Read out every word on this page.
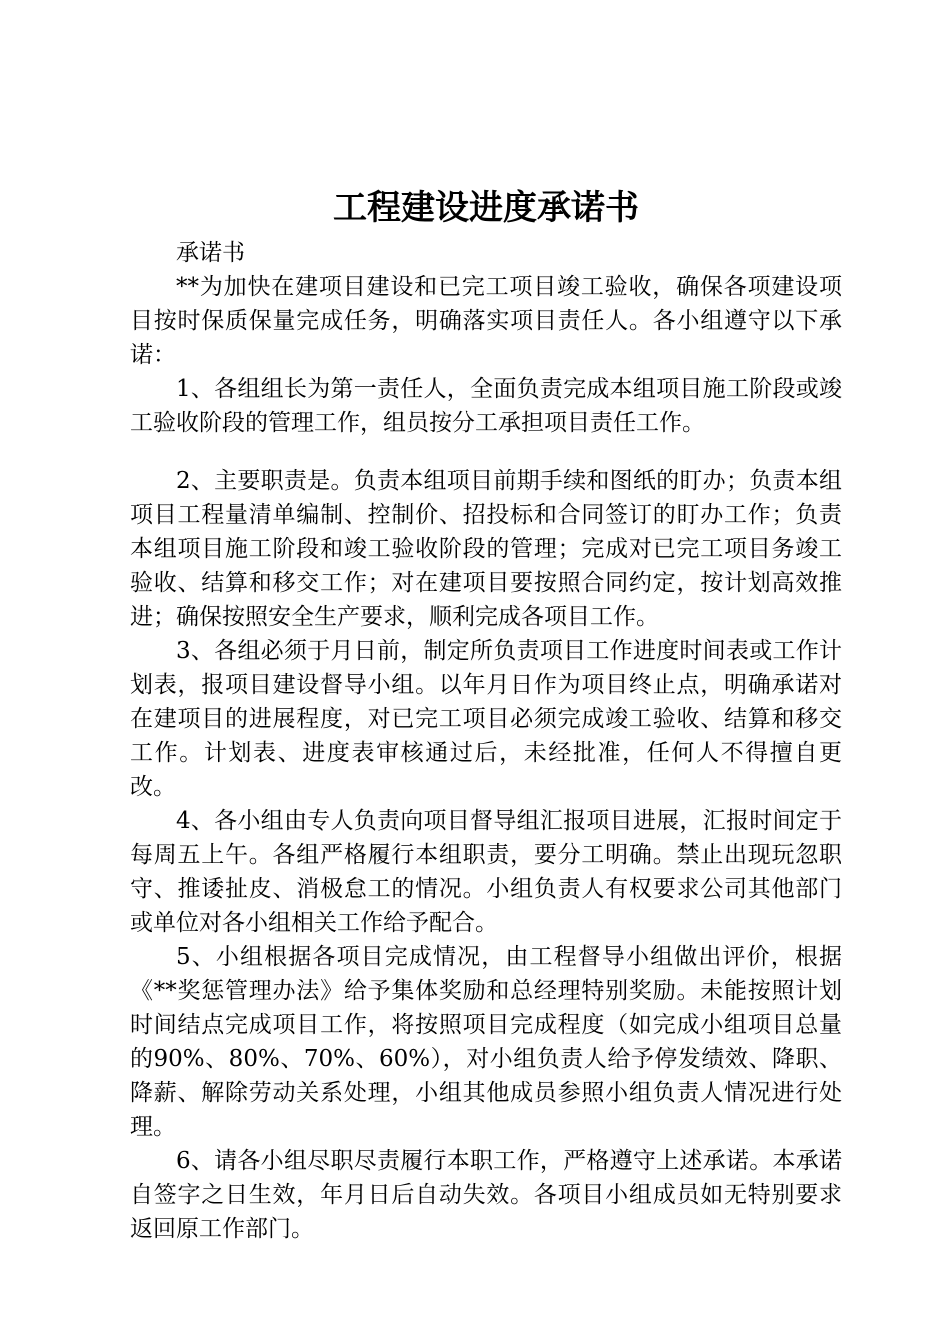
工程建设进度承诺书

承诺书

**为加快在建项目建设和已完工项目竣工验收，确保各项建设项目按时保质保量完成任务，明确落实项目责任人。各小组遵守以下承诺：

1、各组组长为第一责任人，全面负责完成本组项目施工阶段或竣工验收阶段的管理工作，组员按分工承担项目责任工作。

2、主要职责是。负责本组项目前期手续和图纸的盯办；负责本组项目工程量清单编制、控制价、招投标和合同签订的盯办工作；负责本组项目施工阶段和竣工验收阶段的管理；完成对已完工项目务竣工验收、结算和移交工作；对在建项目要按照合同约定，按计划高效推进；确保按照安全生产要求，顺利完成各项目工作。

3、各组必须于月日前，制定所负责项目工作进度时间表或工作计划表，报项目建设督导小组。以年月日作为项目终止点，明确承诺对在建项目的进展程度，对已完工项目必须完成竣工验收、结算和移交工作。计划表、进度表审核通过后，未经批准，任何人不得擅自更改。

4、各小组由专人负责向项目督导组汇报项目进展，汇报时间定于每周五上午。各组严格履行本组职责，要分工明确。禁止出现玩忽职守、推诿扯皮、消极怠工的情况。小组负责人有权要求公司其他部门或单位对各小组相关工作给予配合。

5、小组根据各项目完成情况，由工程督导小组做出评价，根据《**奖惩管理办法》给予集体奖励和总经理特别奖励。未能按照计划时间结点完成项目工作，将按照项目完成程度（如完成小组项目总量的90%、80%、70%、60%），对小组负责人给予停发绩效、降职、降薪、解除劳动关系处理，小组其他成员参照小组负责人情况进行处理。

6、请各小组尽职尽责履行本职工作，严格遵守上述承诺。本承诺自签字之日生效，年月日后自动失效。各项目小组成员如无特别要求返回原工作部门。
